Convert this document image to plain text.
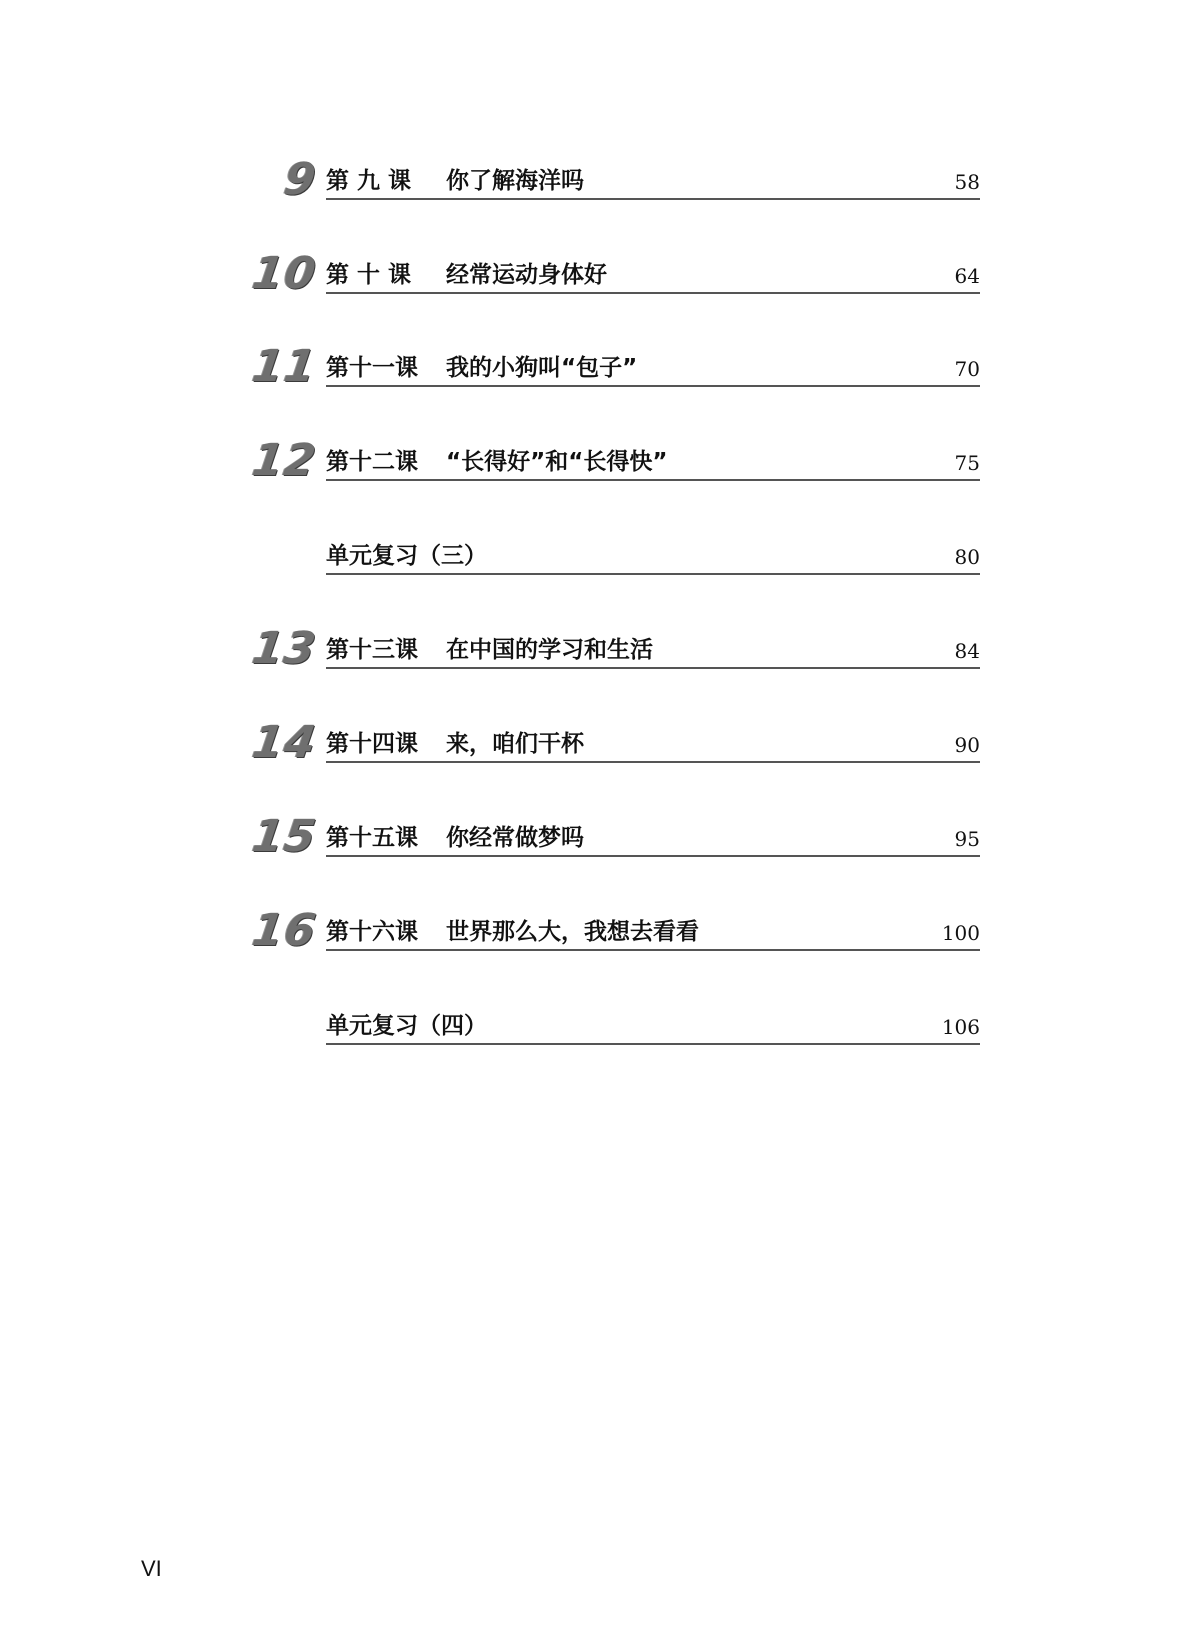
9 第 九 课 你了解海洋吗	58
10 第 十 课 经常运动身体好	64
11 第十一课 我的小狗叫“包子”	70
12 第十二课 “长得好”和“长得快”	75
单元复习（三）	80
13 第十三课 在中国的学习和生活	84
14 第十四课 来，咱们干杯	90
15 第十五课 你经常做梦吗	95
16 第十六课 世界那么大，我想去看看	100
单元复习（四）	106
VI
